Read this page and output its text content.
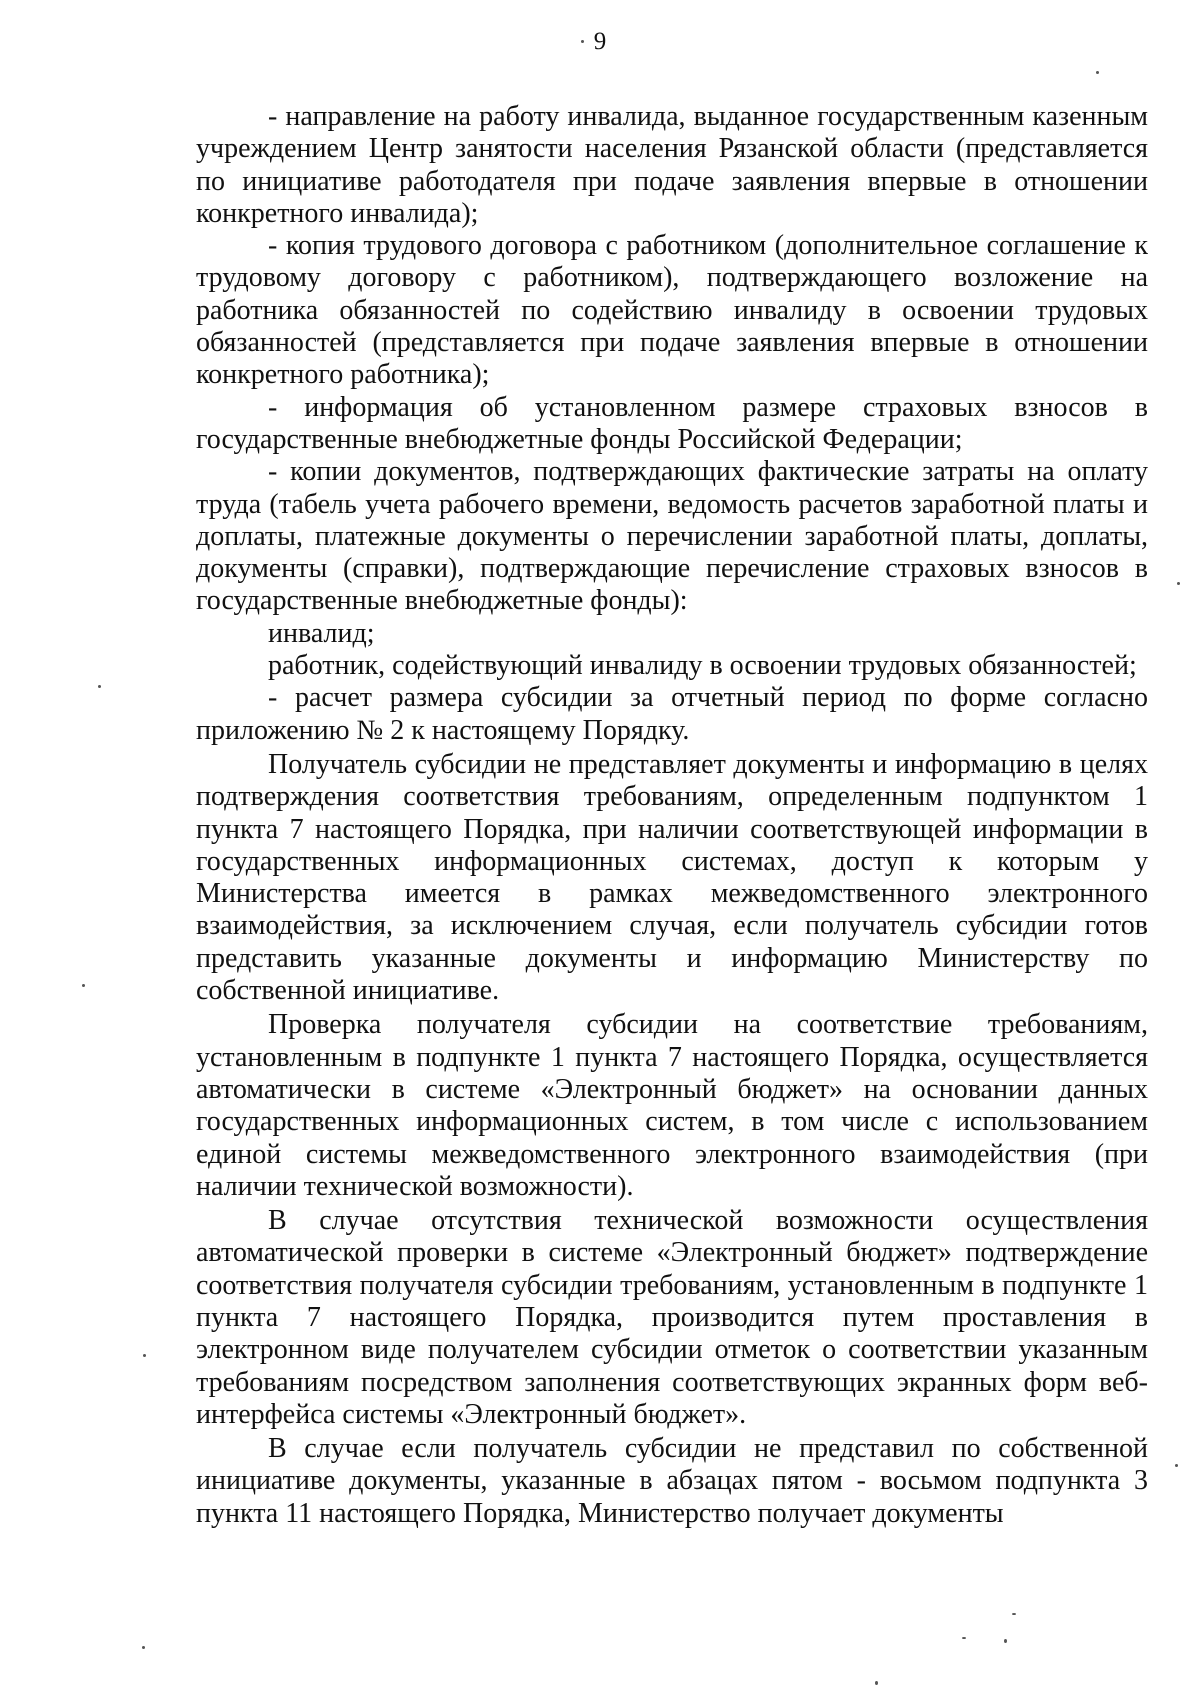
9

- направление на работу инвалида, выданное государственным казенным учреждением Центр занятости населения Рязанской области (представляется по инициативе работодателя при подаче заявления впервые в отношении конкретного инвалида);

- копия трудового договора с работником (дополнительное соглашение к трудовому договору с работником), подтверждающего возложение на работника обязанностей по содействию инвалиду в освоении трудовых обязанностей (представляется при подаче заявления впервые в отношении конкретного работника);

- информация об установленном размере страховых взносов в государственные внебюджетные фонды Российской Федерации;

- копии документов, подтверждающих фактические затраты на оплату труда (табель учета рабочего времени, ведомость расчетов заработной платы и доплаты, платежные документы о перечислении заработной платы, доплаты, документы (справки), подтверждающие перечисление страховых взносов в государственные внебюджетные фонды):

инвалид;

работник, содействующий инвалиду в освоении трудовых обязанностей;

- расчет размера субсидии за отчетный период по форме согласно приложению № 2 к настоящему Порядку.

Получатель субсидии не представляет документы и информацию в целях подтверждения соответствия требованиям, определенным подпунктом 1 пункта 7 настоящего Порядка, при наличии соответствующей информации в государственных информационных системах, доступ к которым у Министерства имеется в рамках межведомственного электронного взаимодействия, за исключением случая, если получатель субсидии готов представить указанные документы и информацию Министерству по собственной инициативе.

Проверка получателя субсидии на соответствие требованиям, установленным в подпункте 1 пункта 7 настоящего Порядка, осуществляется автоматически в системе «Электронный бюджет» на основании данных государственных информационных систем, в том числе с использованием единой системы межведомственного электронного взаимодействия (при наличии технической возможности).

В случае отсутствия технической возможности осуществления автоматической проверки в системе «Электронный бюджет» подтверждение соответствия получателя субсидии требованиям, установленным в подпункте 1 пункта 7 настоящего Порядка, производится путем проставления в электронном виде получателем субсидии отметок о соответствии указанным требованиям посредством заполнения соответствующих экранных форм веб-интерфейса системы «Электронный бюджет».

В случае если получатель субсидии не представил по собственной инициативе документы, указанные в абзацах пятом - восьмом подпункта 3 пункта 11 настоящего Порядка, Министерство получает документы
